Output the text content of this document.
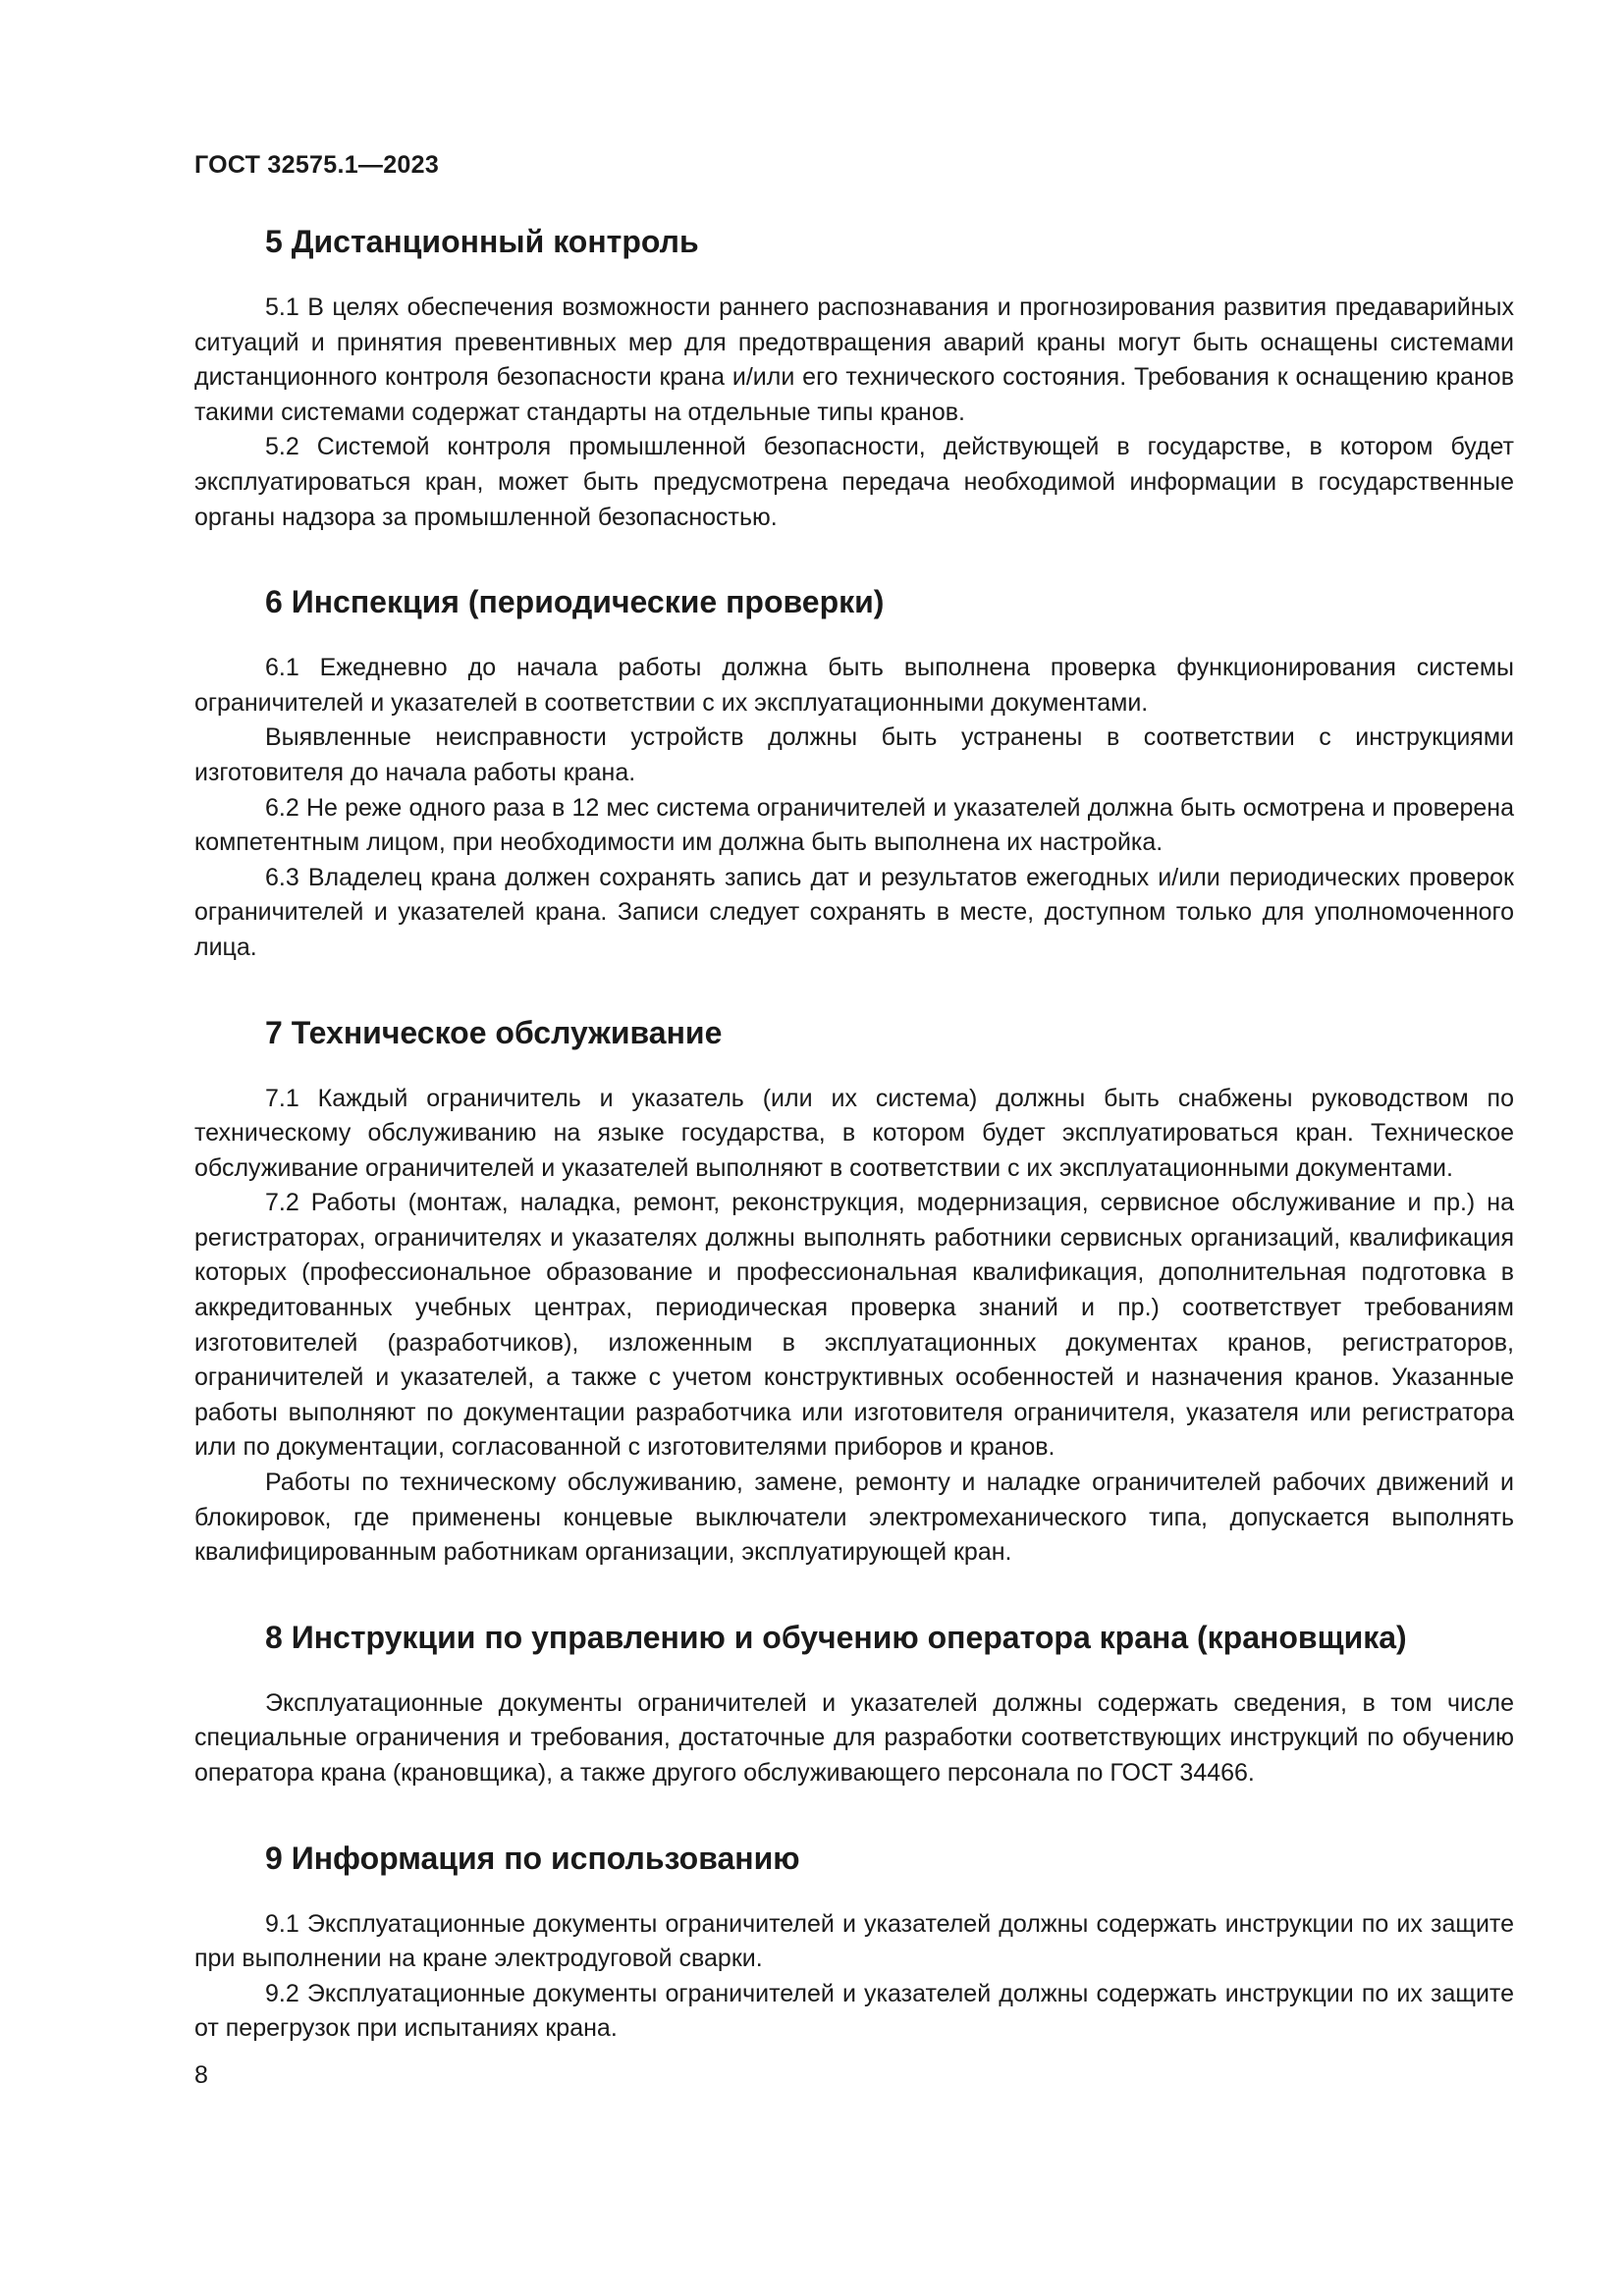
ГОСТ 32575.1—2023
5 Дистанционный контроль

5.1 В целях обеспечения возможности раннего распознавания и прогнозирования развития предаварийных ситуаций и принятия превентивных мер для предотвращения аварий краны могут быть оснащены системами дистанционного контроля безопасности крана и/или его технического состояния. Требования к оснащению кранов такими системами содержат стандарты на отдельные типы кранов.

5.2 Системой контроля промышленной безопасности, действующей в государстве, в котором будет эксплуатироваться кран, может быть предусмотрена передача необходимой информации в государственные органы надзора за промышленной безопасностью.

6 Инспекция (периодические проверки)

6.1 Ежедневно до начала работы должна быть выполнена проверка функционирования системы ограничителей и указателей в соответствии с их эксплуатационными документами.

Выявленные неисправности устройств должны быть устранены в соответствии с инструкциями изготовителя до начала работы крана.

6.2 Не реже одного раза в 12 мес система ограничителей и указателей должна быть осмотрена и проверена компетентным лицом, при необходимости им должна быть выполнена их настройка.

6.3 Владелец крана должен сохранять запись дат и результатов ежегодных и/или периодических проверок ограничителей и указателей крана. Записи следует сохранять в месте, доступном только для уполномоченного лица.

7 Техническое обслуживание

7.1 Каждый ограничитель и указатель (или их система) должны быть снабжены руководством по техническому обслуживанию на языке государства, в котором будет эксплуатироваться кран. Техническое обслуживание ограничителей и указателей выполняют в соответствии с их эксплуатационными документами.

7.2 Работы (монтаж, наладка, ремонт, реконструкция, модернизация, сервисное обслуживание и пр.) на регистраторах, ограничителях и указателях должны выполнять работники сервисных организаций, квалификация которых (профессиональное образование и профессиональная квалификация, дополнительная подготовка в аккредитованных учебных центрах, периодическая проверка знаний и пр.) соответствует требованиям изготовителей (разработчиков), изложенным в эксплуатационных документах кранов, регистраторов, ограничителей и указателей, а также с учетом конструктивных особенностей и назначения кранов. Указанные работы выполняют по документации разработчика или изготовителя ограничителя, указателя или регистратора или по документации, согласованной с изготовителями приборов и кранов.

Работы по техническому обслуживанию, замене, ремонту и наладке ограничителей рабочих движений и блокировок, где применены концевые выключатели электромеханического типа, допускается выполнять квалифицированным работникам организации, эксплуатирующей кран.

8 Инструкции по управлению и обучению оператора крана (крановщика)

Эксплуатационные документы ограничителей и указателей должны содержать сведения, в том числе специальные ограничения и требования, достаточные для разработки соответствующих инструкций по обучению оператора крана (крановщика), а также другого обслуживающего персонала по ГОСТ 34466.

9 Информация по использованию

9.1 Эксплуатационные документы ограничителей и указателей должны содержать инструкции по их защите при выполнении на кране электродуговой сварки.

9.2 Эксплуатационные документы ограничителей и указателей должны содержать инструкции по их защите от перегрузок при испытаниях крана.

8
